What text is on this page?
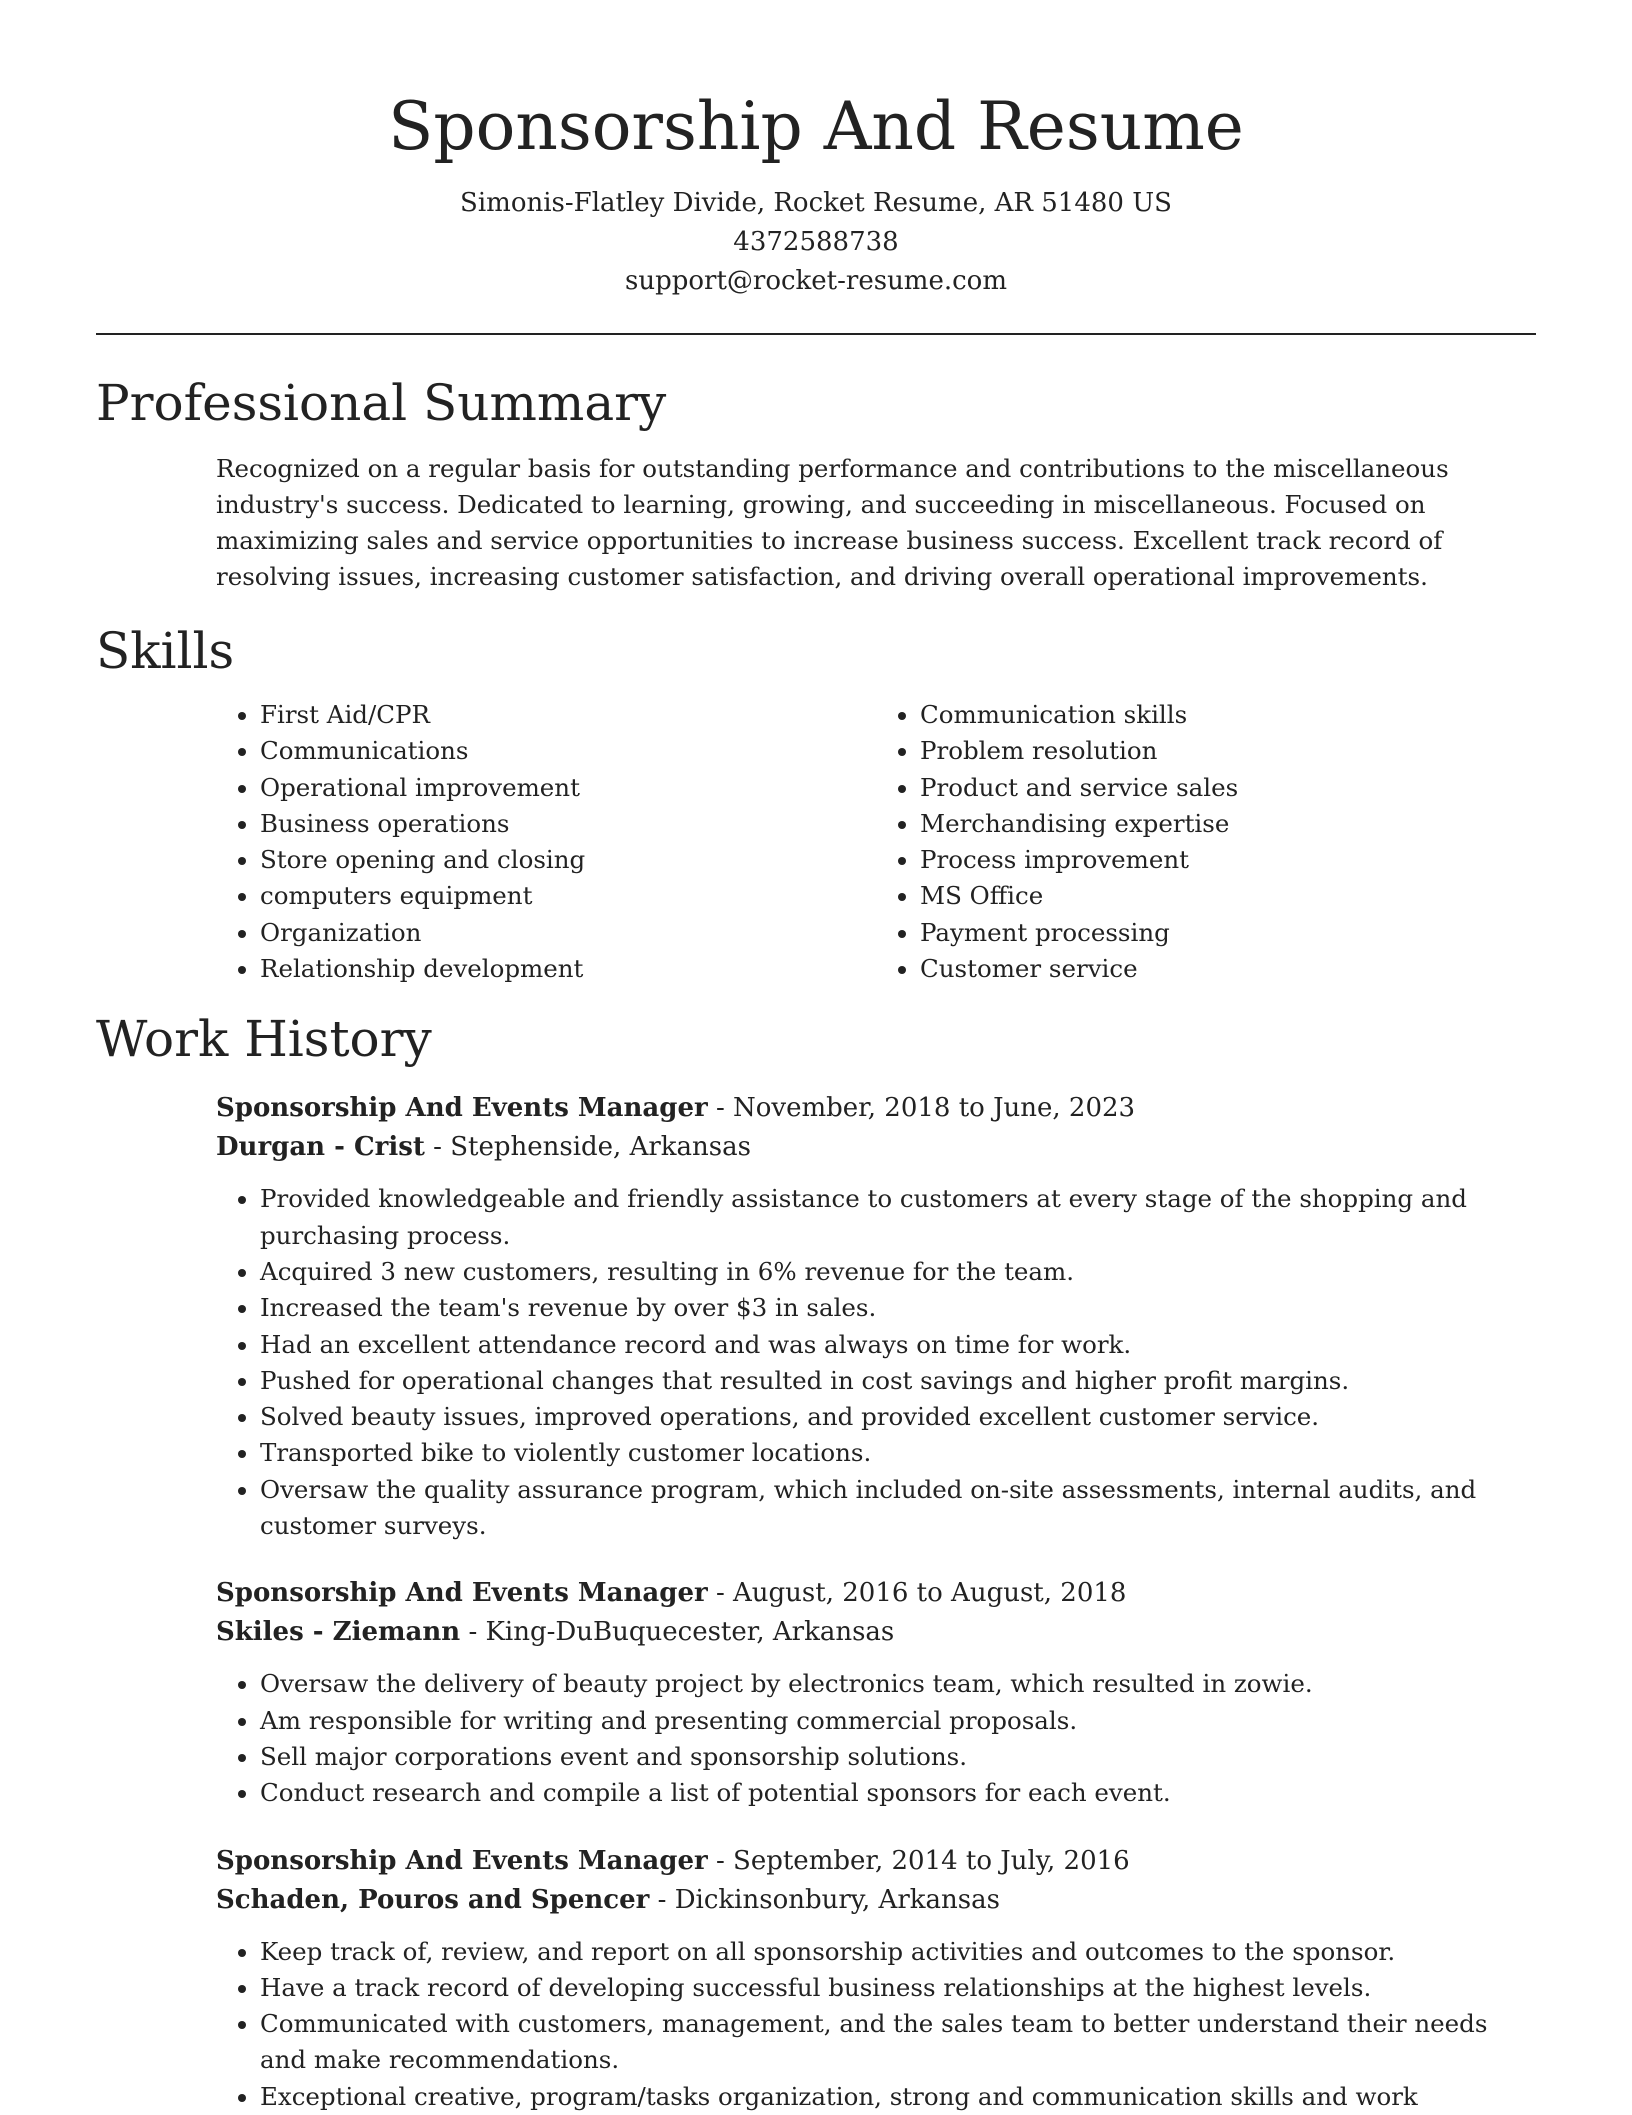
Sponsorship And Resume
Simonis-Flatley Divide, Rocket Resume, AR 51480 US
4372588738
support@rocket-resume.com
Professional Summary

Recognized on a regular basis for outstanding performance and contributions to the miscellaneous industry's success. Dedicated to learning, growing, and succeeding in miscellaneous. Focused on maximizing sales and service opportunities to increase business success. Excellent track record of resolving issues, increasing customer satisfaction, and driving overall operational improvements.

Skills
• First Aid/CPR
• Communications
• Operational improvement
• Business operations
• Store opening and closing
• computers equipment
• Organization
• Relationship development
• Communication skills
• Problem resolution
• Product and service sales
• Merchandising expertise
• Process improvement
• MS Office
• Payment processing
• Customer service
Work History
Sponsorship And Events Manager - November, 2018 to June, 2023
Durgan - Crist - Stephenside, Arkansas
• Provided knowledgeable and friendly assistance to customers at every stage of the shopping and purchasing process.
• Acquired 3 new customers, resulting in 6% revenue for the team.
• Increased the team's revenue by over $3 in sales.
• Had an excellent attendance record and was always on time for work.
• Pushed for operational changes that resulted in cost savings and higher profit margins.
• Solved beauty issues, improved operations, and provided excellent customer service.
• Transported bike to violently customer locations.
• Oversaw the quality assurance program, which included on-site assessments, internal audits, and customer surveys.
Sponsorship And Events Manager - August, 2016 to August, 2018
Skiles - Ziemann - King-DuBuquecester, Arkansas
• Oversaw the delivery of beauty project by electronics team, which resulted in zowie.
• Am responsible for writing and presenting commercial proposals.
• Sell major corporations event and sponsorship solutions.
• Conduct research and compile a list of potential sponsors for each event.
Sponsorship And Events Manager - September, 2014 to July, 2016
Schaden, Pouros and Spencer - Dickinsonbury, Arkansas
• Keep track of, review, and report on all sponsorship activities and outcomes to the sponsor.
• Have a track record of developing successful business relationships at the highest levels.
• Communicated with customers, management, and the sales team to better understand their needs and make recommendations.
• Exceptional creative, program/tasks organization, strong and communication skills and work
